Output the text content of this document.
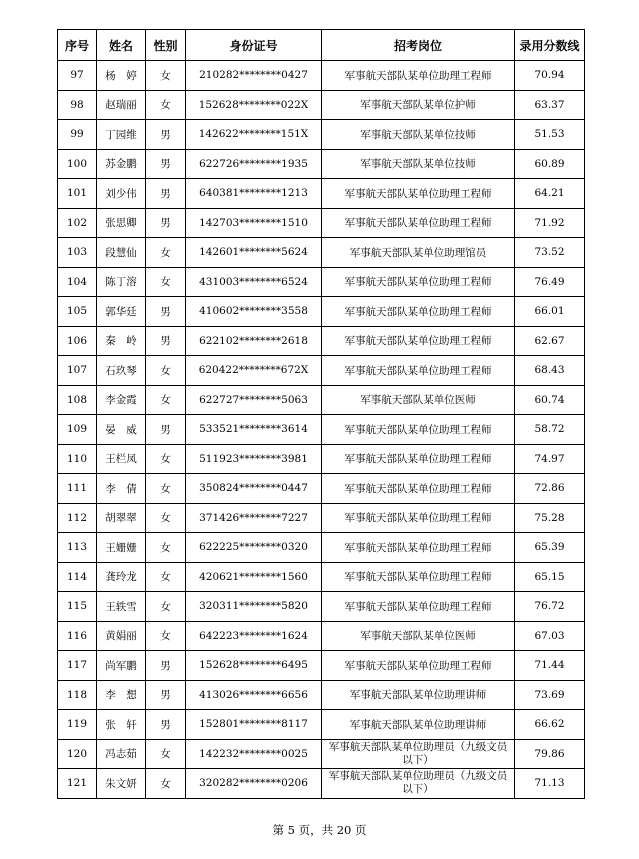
序号	姓名	性别	身份证号	招考岗位	录用分数线
97	杨　婷	女	210282********0427	军事航天部队某单位助理工程师	70.94
98	赵瑞丽	女	152628********022X	军事航天部队某单位护师	63.37
99	丁园维	男	142622********151X	军事航天部队某单位技师	51.53
100	苏金鹏	男	622726********1935	军事航天部队某单位技师	60.89
101	刘少伟	男	640381********1213	军事航天部队某单位助理工程师	64.21
102	张思卿	男	142703********1510	军事航天部队某单位助理工程师	71.92
103	段慧仙	女	142601********5624	军事航天部队某单位助理馆员	73.52
104	陈丁溶	女	431003********6524	军事航天部队某单位助理工程师	76.49
105	郭华廷	男	410602********3558	军事航天部队某单位助理工程师	66.01
106	秦　岭	男	622102********2618	军事航天部队某单位助理工程师	62.67
107	石玖琴	女	620422********672X	军事航天部队某单位助理工程师	68.43
108	李金霞	女	622727********5063	军事航天部队某单位医师	60.74
109	晏　威	男	533521********3614	军事航天部队某单位助理工程师	58.72
110	王栏凤	女	511923********3981	军事航天部队某单位助理工程师	74.97
111	李　倩	女	350824********0447	军事航天部队某单位助理工程师	72.86
112	胡翠翠	女	371426********7227	军事航天部队某单位助理工程师	75.28
113	王姗姗	女	622225********0320	军事航天部队某单位助理工程师	65.39
114	龚玲龙	女	420621********1560	军事航天部队某单位助理工程师	65.15
115	王轶雪	女	320311********5820	军事航天部队某单位助理工程师	76.72
116	黄娟丽	女	642223********1624	军事航天部队某单位医师	67.03
117	尚军鹏	男	152628********6495	军事航天部队某单位助理工程师	71.44
118	李　想	男	413026********6656	军事航天部队某单位助理讲师	73.69
119	张　轩	男	152801********8117	军事航天部队某单位助理讲师	66.62
120	冯志茹	女	142232********0025	军事航天部队某单位助理员（九级文员以下）	79.86
121	朱文妍	女	320282********0206	军事航天部队某单位助理员（九级文员以下）	71.13
第 5 页，共 20 页
